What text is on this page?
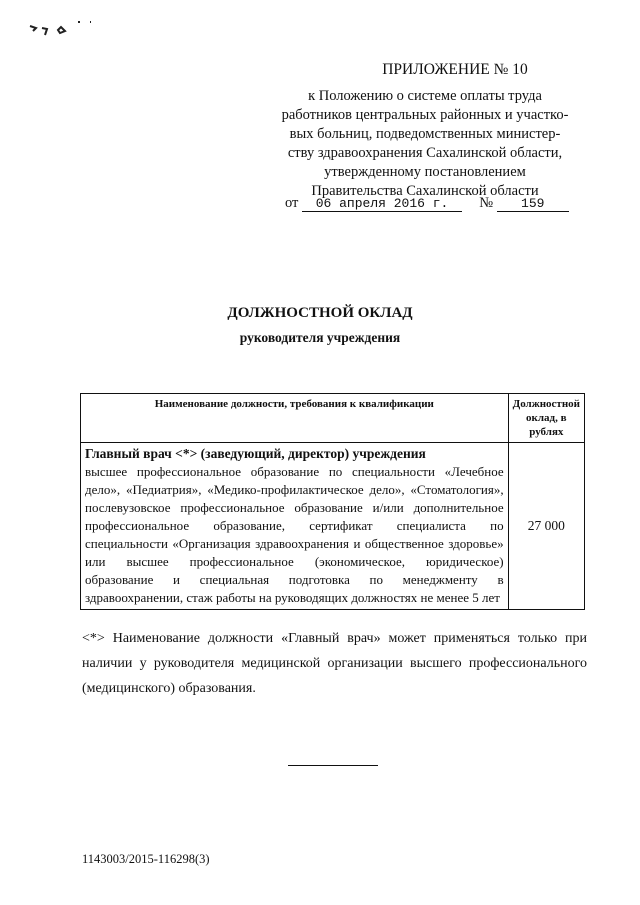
ПРИЛОЖЕНИЕ № 10
к Положению о системе оплаты труда
работников центральных районных и участко-
вых больниц, подведомственных министер-
ству здравоохранения Сахалинской области,
утвержденному постановлением
Правительства Сахалинской области
от 06 апреля 2016 г. № 159
ДОЛЖНОСТНОЙ ОКЛАД
руководителя учреждения
Наименование должности, требования к квалификации	Должностной оклад, в рублях

Главный врач <*> (заведующий, директор) учреждения
высшее профессиональное образование по специальности «Лечебное дело», «Педиатрия», «Медико-профилактическое дело», «Стоматология», послевузовское профессиональное образование и/или дополнительное профессиональное образование, сертификат специалиста по специальности «Организация здравоохранения и общественное здоровье» или высшее профессиональное (экономическое, юридическое) образование и специальная подготовка по менеджменту в здравоохранении, стаж работы на руководящих должностях не менее 5 лет	27 000
<*> Наименование должности «Главный врач» может применяться только при наличии у руководителя медицинской организации высшего профессионального (медицинского) образования.
1143003/2015-116298(3)
